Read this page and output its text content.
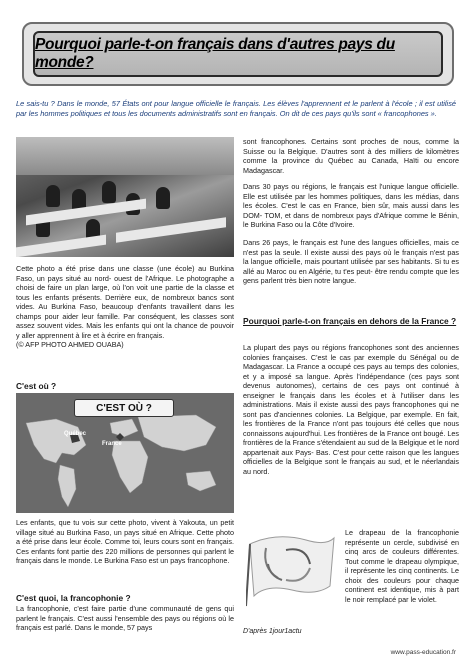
Pourquoi parle-t-on français dans d'autres pays du monde?
Le sais-tu ? Dans le monde, 57 États ont pour langue officielle le français. Les élèves l'apprennent et le parlent à l'école ; il est utilisé par les hommes politiques et tous les documents administratifs sont en français. On dit de ces pays qu'ils sont « francophones ».
Cette photo a été prise dans une classe (une école) au Burkina Faso, un pays situé au nord- ouest de l'Afrique. Le photographe a choisi de faire un plan large, où l'on voit une partie de la classe et tous les enfants présents. Derrière eux, de nombreux bancs sont vides. Au Burkina Faso, beaucoup d'enfants travaillent dans les champs pour aider leur famille. Par conséquent, les classes sont assez souvent vides. Mais les enfants qui ont la chance de pouvoir y aller apprennent à lire et à écrire en français.
(© AFP PHOTO AHMED OUABA)
C'est où ?
C'EST OÙ ?
Québec
France
Les enfants, que tu vois sur cette photo, vivent à Yakouta, un petit village situé au Burkina Faso, un pays situé en Afrique. Cette photo a été prise dans leur école. Comme toi, leurs cours sont en français. Ces enfants font partie des 220 millions de personnes qui parlent le français dans le monde. Le Burkina Faso est un pays francophone.
C'est quoi, la francophonie ?
La francophonie, c'est faire partie d'une communauté de gens qui parlent le français. C'est aussi l'ensemble des pays ou régions où le français est parlé. Dans le monde, 57 pays
sont francophones. Certains sont proches de nous, comme la Suisse ou la Belgique. D'autres sont à des milliers de kilomètres comme la province du Québec au Canada, Haïti ou encore Madagascar.
Dans 30 pays ou régions, le français est l'unique langue officielle. Elle est utilisée par les hommes politiques, dans les médias, dans les écoles. C'est le cas en France, bien sûr, mais aussi dans les DOM- TOM, et dans de nombreux pays d'Afrique comme le Bénin, le Burkina Faso ou la Côte d'Ivoire.
Dans 26 pays, le français est l'une des langues officielles, mais ce n'est pas la seule. Il existe aussi des pays où le français n'est pas la langue officielle, mais pourtant utilisée par ses habitants. Si tu es allé au Maroc ou en Algérie, tu t'es peut- être rendu compte que les gens parlent très bien notre langue.
Pourquoi parle-t-on français en dehors de la France ?
La plupart des pays ou régions francophones sont des anciennes colonies françaises. C'est le cas par exemple du Sénégal ou de Madagascar. La France a occupé ces pays au temps des colonies, et y a imposé sa langue. Après l'indépendance (ces pays sont devenus autonomes), certains de ces pays ont continué à enseigner le français dans les écoles et à l'utiliser dans les administrations. Mais il existe aussi des pays francophones qui ne sont pas d'anciennes colonies. La Belgique, par exemple. En fait, les frontières de la France n'ont pas toujours été celles que nous connaissons aujourd'hui. Les frontières de la France ont bougé. Les frontières de la France s'étendaient au sud de la Belgique et le nord appartenait aux Pays- Bas. C'est pour cette raison que les langues officielles de la Belgique sont le français au sud, et le néerlandais au nord.
Le drapeau de la francophonie représente un cercle, subdivisé en cinq arcs de couleurs différentes. Tout comme le drapeau olympique, il représente les cinq continents. Le choix des couleurs pour chaque continent est identique, mis à part le noir remplacé par le violet.
D'après 1jour1actu
www.pass-education.fr
